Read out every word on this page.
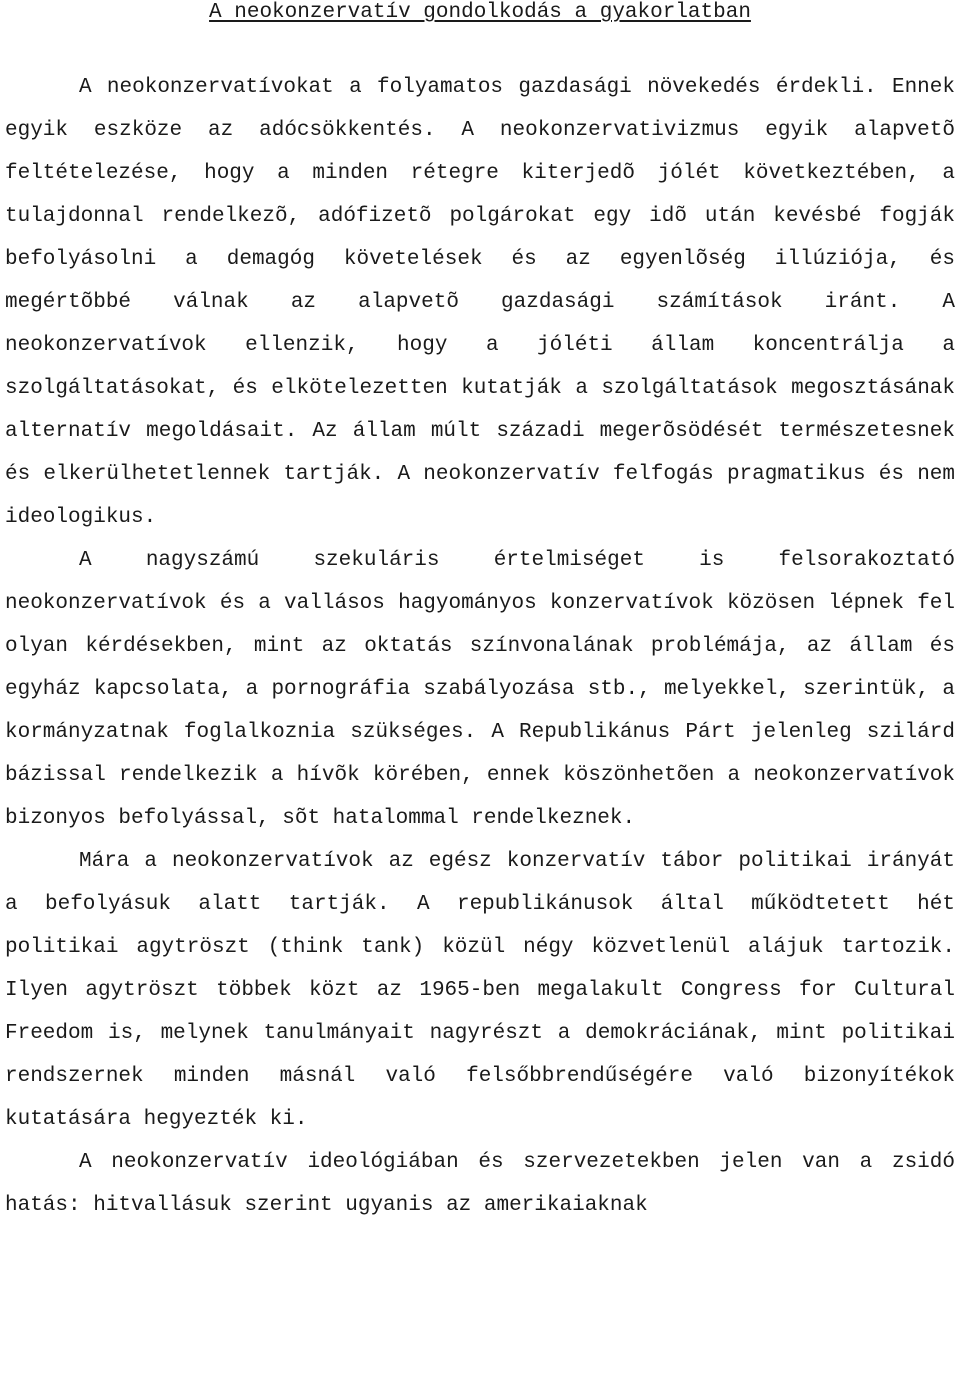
A neokonzervatív gondolkodás a gyakorlatban

A neokonzervatívokat a folyamatos gazdasági növekedés érdekli. Ennek egyik eszköze az adócsökkentés. A neokonzervativizmus egyik alapvetõ feltételezése, hogy a minden rétegre kiterjedõ jólét következtében, a tulajdonnal rendelkezõ, adófizetõ polgárokat egy idõ után kevésbé fogják befolyásolni a demagóg követelések és az egyenlõség illúziója, és megértõbbé válnak az alapvetõ gazdasági számítások iránt. A neokonzervatívok ellenzik, hogy a jóléti állam koncentrálja a szolgáltatásokat, és elkötelezetten kutatják a szolgáltatások megosztásának alternatív megoldásait. Az állam múlt századi megerõsödését természetesnek és elkerülhetetlennek tartják. A neokonzervatív felfogás pragmatikus és nem ideologikus.

A nagyszámú szekuláris értelmiséget is felsorakoztató neokonzervatívok és a vallásos hagyományos konzervatívok közösen lépnek fel olyan kérdésekben, mint az oktatás színvonalának problémája, az állam és egyház kapcsolata, a pornográfia szabályozása stb., melyekkel, szerintük, a kormányzatnak foglalkoznia szükséges. A Republikánus Párt jelenleg szilárd bázissal rendelkezik a hívõk körében, ennek köszönhetõen a neokonzervatívok bizonyos befolyással, sõt hatalommal rendelkeznek.

Mára a neokonzervatívok az egész konzervatív tábor politikai irányát a befolyásuk alatt tartják. A republikánusok által működtetett hét politikai agytröszt (think tank) közül négy közvetlenül alájuk tartozik. Ilyen agytröszt többek közt az 1965-ben megalakult Congress for Cultural Freedom is, melynek tanulmányait nagyrészt a demokráciának, mint politikai rendszernek minden másnál való felsőbbrendűségére való bizonyítékok kutatására hegyezték ki.

A neokonzervatív ideológiában és szervezetekben jelen van a zsidó hatás: hitvallásuk szerint ugyanis az amerikaiaknak
